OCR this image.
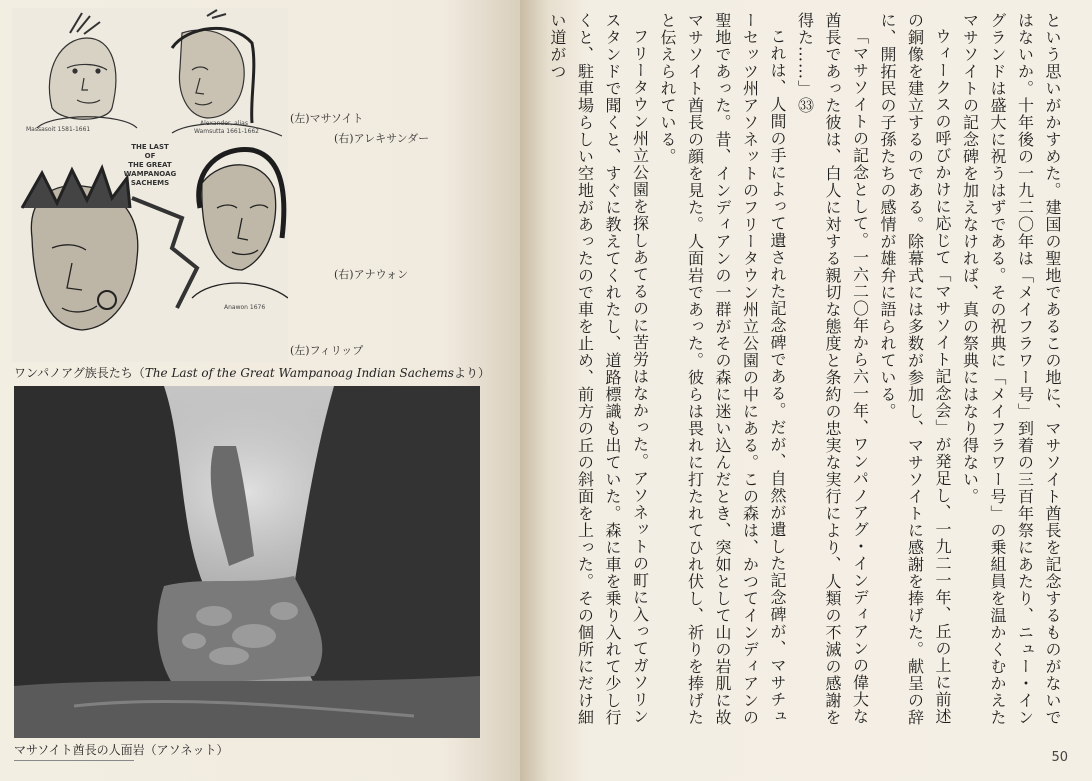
Massasoit 1581-1661
Alexander, alias
Wamsutta 1661-1662
THE LAST
OF
THE GREAT WAMPANOAG
SACHEMS
Anawon 1676
(左)マサソイト
(右)アレキサンダー
(右)アナウォン
(左)フィリップ
ワンパノアグ族長たち（The Last of the Great Wampanoag Indian Sachemsより）
マサソイト酋長の人面岩（アソネット）

という思いがかすめた。建国の聖地であるこの地に、マサソイト酋長を記念するものがないではないか。十年後の一九二〇年は「メイフラワー号」到着の三百年祭にあたり、ニュー・イングランドは盛大に祝うはずである。その祝典に「メイフラワー号」の乗組員を温かくむかえたマサソイトの記念碑を加えなければ、真の祭典にはなり得ない。

ウィークスの呼びかけに応じて「マサソイト記念会」が発足し、一九二一年、丘の上に前述の銅像を建立するのである。除幕式には多数が参加し、マサソイトに感謝を捧げた。献呈の辞に、開拓民の子孫たちの感情が雄弁に語られている。

「マサソイトの記念として。一六二〇年から六一年、ワンパノアグ・インディアンの偉大な酋長であった彼は、白人に対する親切な態度と条約の忠実な実行により、人類の不滅の感謝を得た……」㉝

これは、人間の手によって遺された記念碑である。だが、自然が遺した記念碑が、マサチューセッツ州アソネットのフリータウン州立公園の中にある。この森は、かつてインディアンの聖地であった。昔、インディアンの一群がその森に迷い込んだとき、突如として山の岩肌に故マサソイト酋長の顔を見た。人面岩であった。彼らは畏れに打たれてひれ伏し、祈りを捧げたと伝えられている。

フリータウン州立公園を探しあてるのに苦労はなかった。アソネットの町に入ってガソリンスタンドで聞くと、すぐに教えてくれたし、道路標識も出ていた。森に車を乗り入れて少し行くと、駐車場らしい空地があったので車を止め、前方の丘の斜面を上った。その個所にだけ細い道がつ

50
